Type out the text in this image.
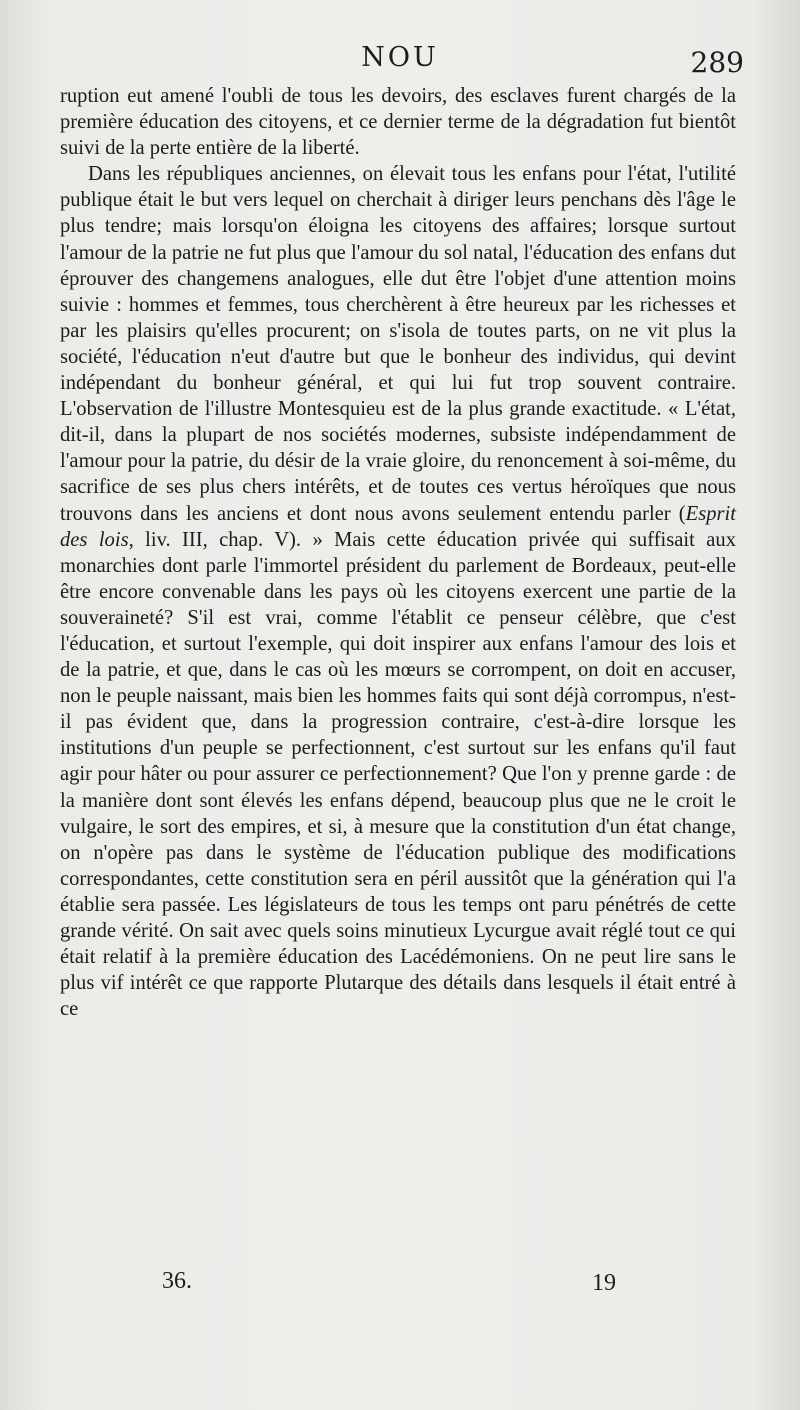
NOU	289

ruption eut amené l'oubli de tous les devoirs, des esclaves furent chargés de la première éducation des citoyens, et ce dernier terme de la dégradation fut bientôt suivi de la perte entière de la liberté.

Dans les républiques anciennes, on élevait tous les enfans pour l'état, l'utilité publique était le but vers lequel on cherchait à diriger leurs penchans dès l'âge le plus tendre; mais lorsqu'on éloigna les citoyens des affaires; lorsque surtout l'amour de la patrie ne fut plus que l'amour du sol natal, l'éducation des enfans dut éprouver des changemens analogues, elle dut être l'objet d'une attention moins suivie : hommes et femmes, tous cherchèrent à être heureux par les richesses et par les plaisirs qu'elles procurent; on s'isola de toutes parts, on ne vit plus la société, l'éducation n'eut d'autre but que le bonheur des individus, qui devint indépendant du bonheur général, et qui lui fut trop souvent contraire. L'observation de l'illustre Montesquieu est de la plus grande exactitude. « L'état, dit-il, dans la plupart de nos sociétés modernes, subsiste indépendamment de l'amour pour la patrie, du désir de la vraie gloire, du renoncement à soi-même, du sacrifice de ses plus chers intérêts, et de toutes ces vertus héroïques que nous trouvons dans les anciens et dont nous avons seulement entendu parler (Esprit des lois, liv. III, chap. V). » Mais cette éducation privée qui suffisait aux monarchies dont parle l'immortel président du parlement de Bordeaux, peut-elle être encore convenable dans les pays où les citoyens exercent une partie de la souveraineté? S'il est vrai, comme l'établit ce penseur célèbre, que c'est l'éducation, et surtout l'exemple, qui doit inspirer aux enfans l'amour des lois et de la patrie, et que, dans le cas où les mœurs se corrompent, on doit en accuser, non le peuple naissant, mais bien les hommes faits qui sont déjà corrompus, n'est-il pas évident que, dans la progression contraire, c'est-à-dire lorsque les institutions d'un peuple se perfectionnent, c'est surtout sur les enfans qu'il faut agir pour hâter ou pour assurer ce perfectionnement? Que l'on y prenne garde : de la manière dont sont élevés les enfans dépend, beaucoup plus que ne le croit le vulgaire, le sort des empires, et si, à mesure que la constitution d'un état change, on n'opère pas dans le système de l'éducation publique des modifications correspondantes, cette constitution sera en péril aussitôt que la génération qui l'a établie sera passée. Les législateurs de tous les temps ont paru pénétrés de cette grande vérité. On sait avec quels soins minutieux Lycurgue avait réglé tout ce qui était relatif à la première éducation des Lacédémoniens. On ne peut lire sans le plus vif intérêt ce que rapporte Plutarque des détails dans lesquels il était entré à ce

36.	19
